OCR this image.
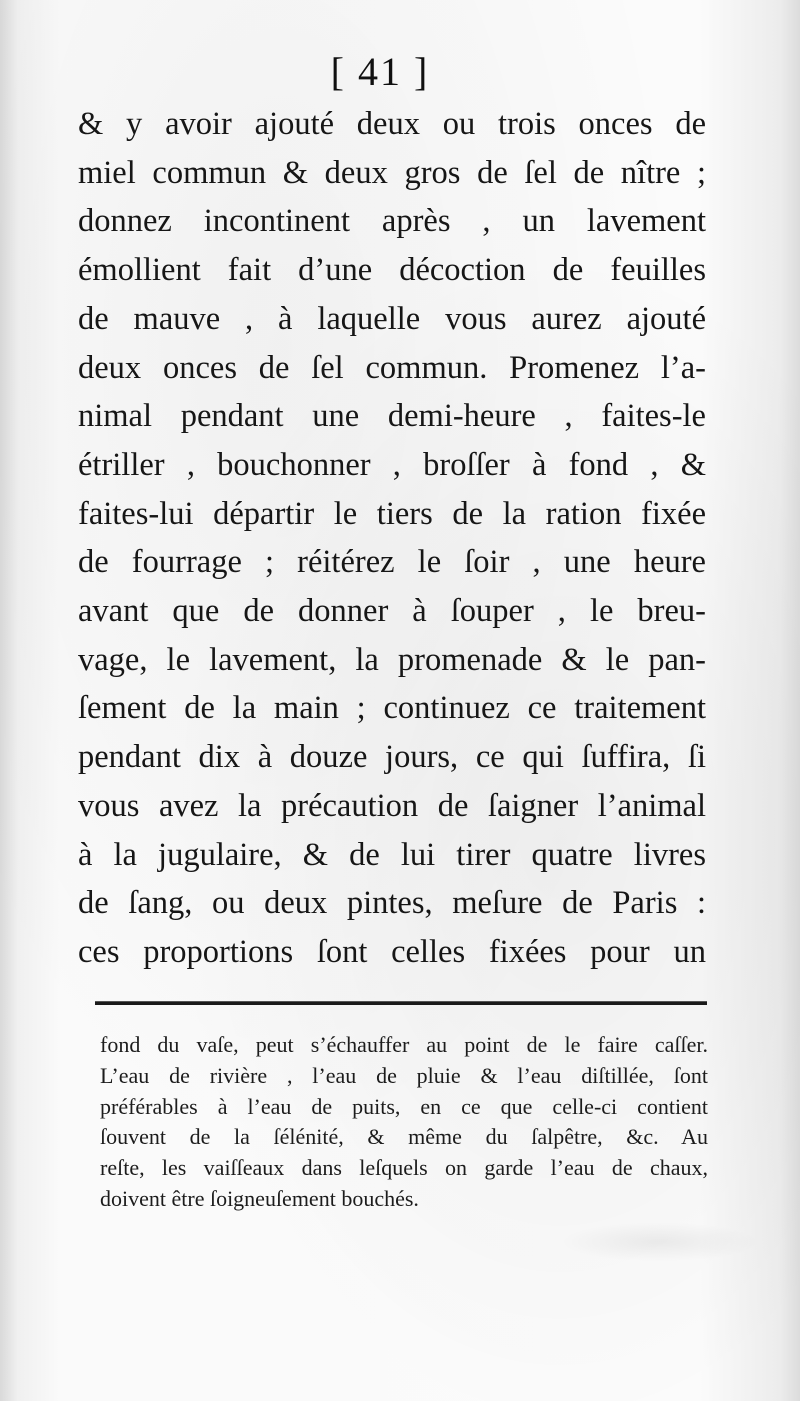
[ 41 ]
& y avoir ajouté deux ou trois onces de
miel commun & deux gros de ſel de nître ;
donnez incontinent après , un lavement
émollient fait d’une décoction de feuilles
de mauve , à laquelle vous aurez ajouté
deux onces de ſel commun. Promenez l’a-
nimal pendant une demi-heure , faites-le
étriller , bouchonner , broſſer à fond , &
faites-lui départir le tiers de la ration fixée
de fourrage ; réitérez le ſoir , une heure
avant que de donner à ſouper , le breu-
vage, le lavement, la promenade & le pan-
ſement de la main ; continuez ce traitement
pendant dix à douze jours, ce qui ſuffira, ſi
vous avez la précaution de ſaigner l’animal
à la jugulaire, & de lui tirer quatre livres
de ſang, ou deux pintes, meſure de Paris :
ces proportions ſont celles fixées pour un
fond du vaſe, peut s’échauffer au point de le faire caſſer.
L’eau de rivière , l’eau de pluie & l’eau diſtillée, ſont
préférables à l’eau de puits, en ce que celle-ci contient
ſouvent de la ſélénité, & même du ſalpêtre, &c. Au
reſte, les vaiſſeaux dans leſquels on garde l’eau de chaux,
doivent être ſoigneuſement bouchés.
